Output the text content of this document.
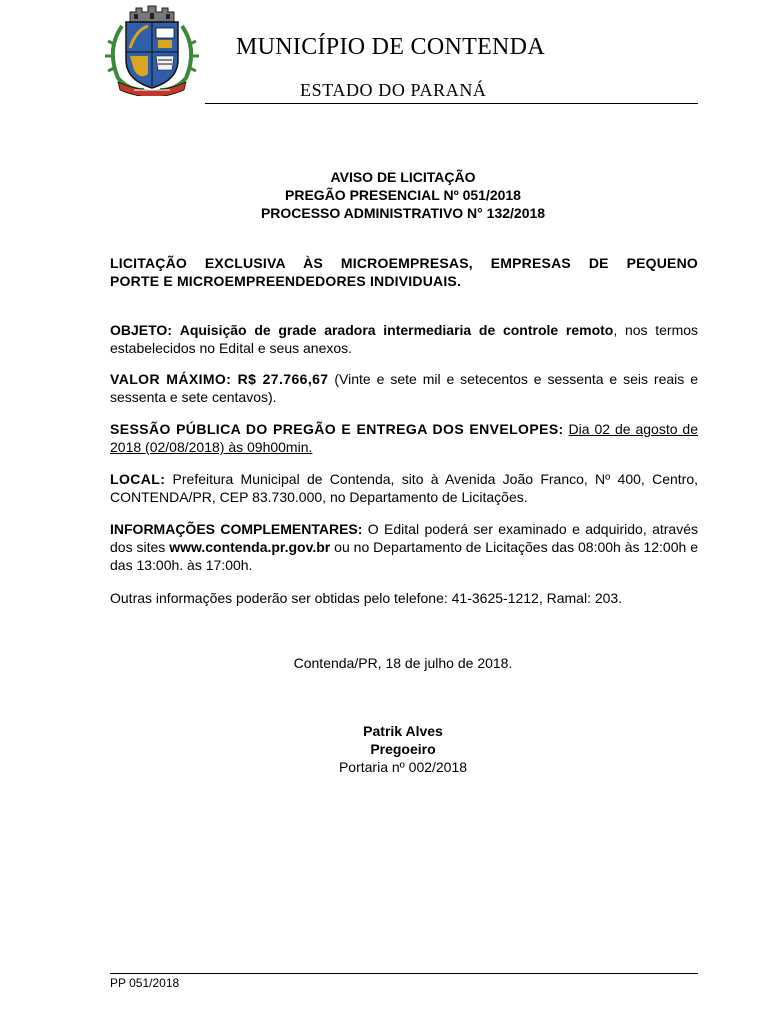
MUNICÍPIO DE CONTENDA
ESTADO DO PARANÁ
AVISO DE LICITAÇÃO
PREGÃO PRESENCIAL Nº 051/2018
PROCESSO ADMINISTRATIVO N° 132/2018
LICITAÇÃO EXCLUSIVA ÀS MICROEMPRESAS, EMPRESAS DE PEQUENO
PORTE E MICROEMPREENDEDORES INDIVIDUAIS.
OBJETO: Aquisição de grade aradora intermediaria de controle remoto, nos termos estabelecidos no Edital e seus anexos.
VALOR MÁXIMO: R$ 27.766,67 (Vinte e sete mil e setecentos e sessenta e seis reais e sessenta e sete centavos).
SESSÃO PÚBLICA DO PREGÃO E ENTREGA DOS ENVELOPES: Dia 02 de agosto de 2018 (02/08/2018) às 09h00min.
LOCAL: Prefeitura Municipal de Contenda, sito à Avenida João Franco, Nº 400, Centro, CONTENDA/PR, CEP 83.730.000, no Departamento de Licitações.
INFORMAÇÕES COMPLEMENTARES: O Edital poderá ser examinado e adquirido, através dos sites www.contenda.pr.gov.br ou no Departamento de Licitações das 08:00h às 12:00h e das 13:00h. às 17:00h.
Outras informações poderão ser obtidas pelo telefone: 41-3625-1212, Ramal: 203.
Contenda/PR, 18 de julho de 2018.
Patrik Alves
Pregoeiro
Portaria nº 002/2018
PP 051/2018
